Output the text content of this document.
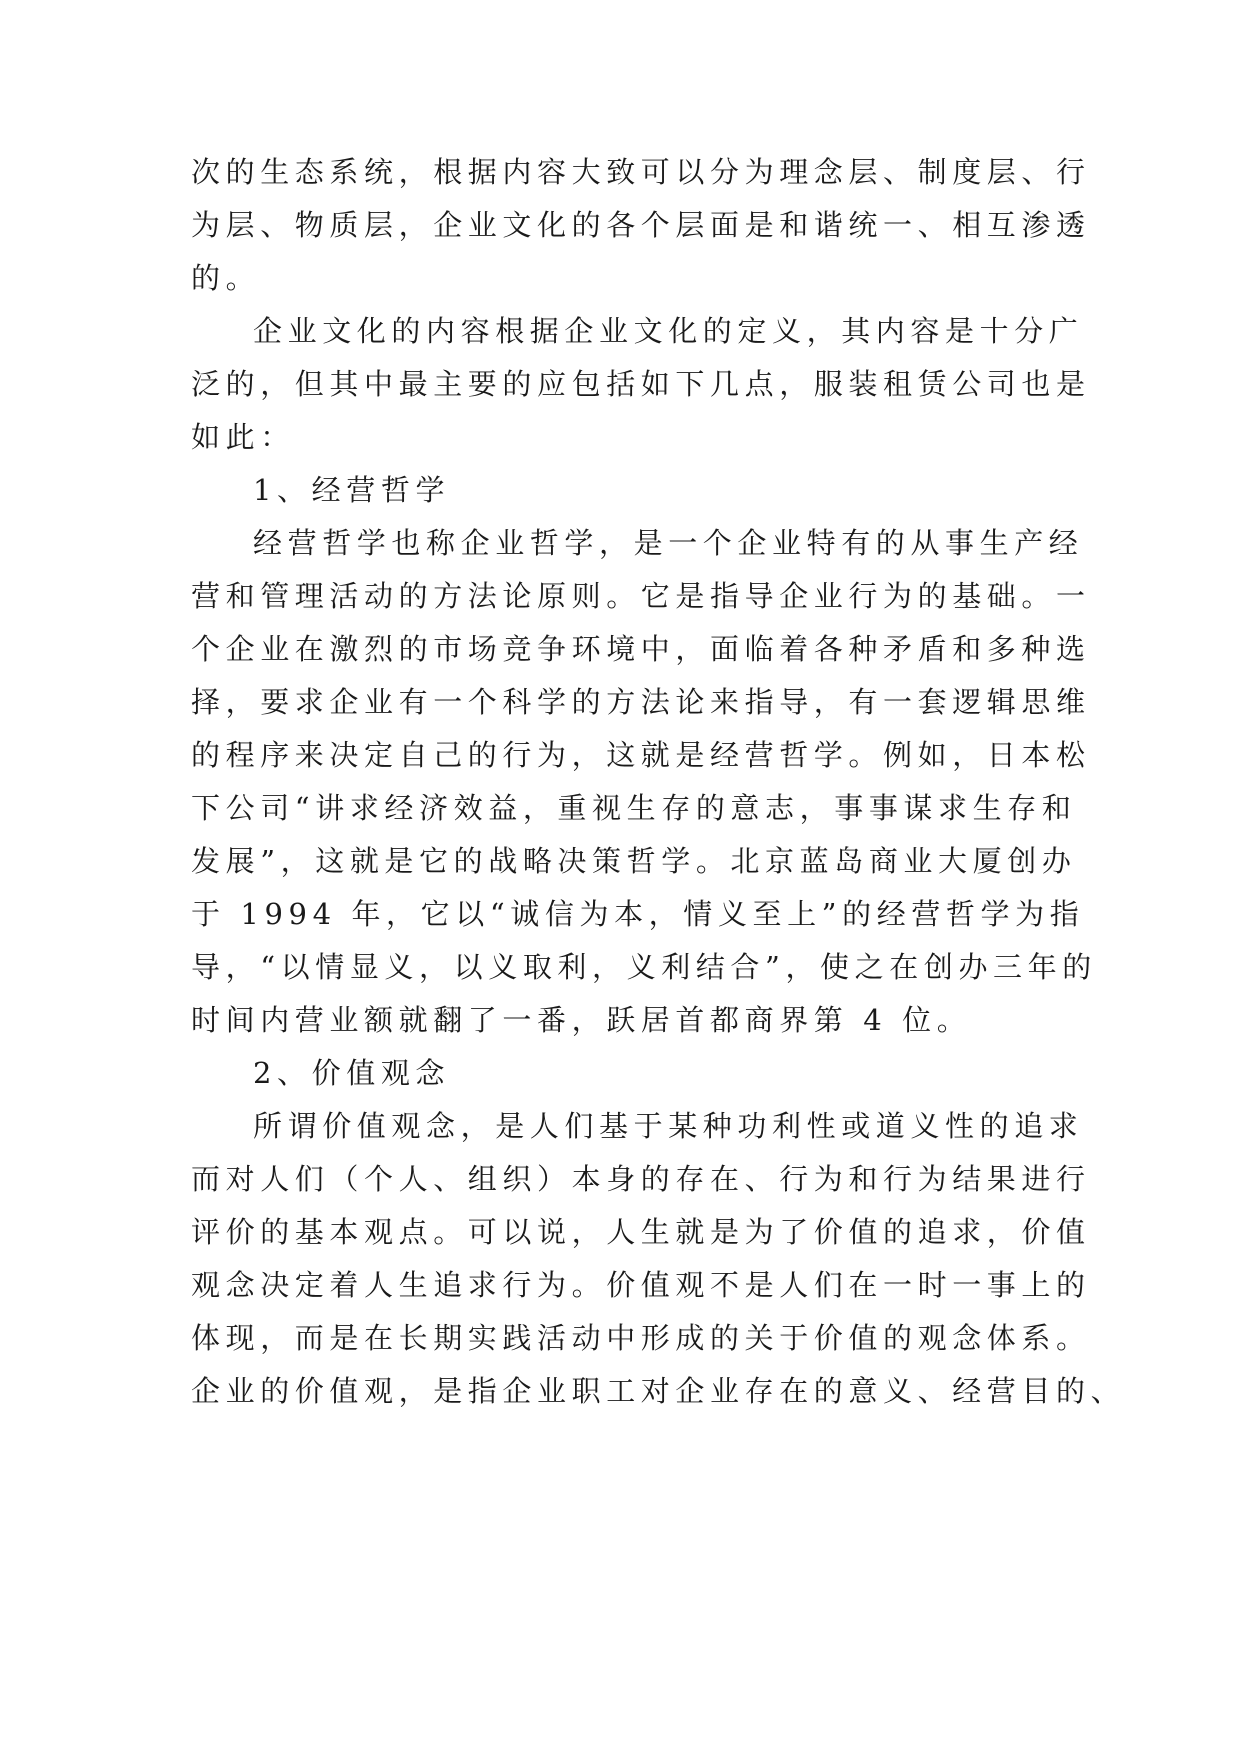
次的生态系统，根据内容大致可以分为理念层、制度层、行
为层、物质层，企业文化的各个层面是和谐统一、相互渗透
的。
企业文化的内容根据企业文化的定义，其内容是十分广
泛的，但其中最主要的应包括如下几点，服装租赁公司也是
如此：
1、经营哲学
经营哲学也称企业哲学，是一个企业特有的从事生产经
营和管理活动的方法论原则。它是指导企业行为的基础。一
个企业在激烈的市场竞争环境中，面临着各种矛盾和多种选
择，要求企业有一个科学的方法论来指导，有一套逻辑思维
的程序来决定自己的行为，这就是经营哲学。例如，日本松
下公司“讲求经济效益，重视生存的意志，事事谋求生存和
发展”，这就是它的战略决策哲学。北京蓝岛商业大厦创办
于 1994 年，它以“诚信为本，情义至上”的经营哲学为指
导，“以情显义，以义取利，义利结合”，使之在创办三年的
时间内营业额就翻了一番，跃居首都商界第 4 位。
2、价值观念
所谓价值观念，是人们基于某种功利性或道义性的追求
而对人们（个人、组织）本身的存在、行为和行为结果进行
评价的基本观点。可以说，人生就是为了价值的追求，价值
观念决定着人生追求行为。价值观不是人们在一时一事上的
体现，而是在长期实践活动中形成的关于价值的观念体系。
企业的价值观，是指企业职工对企业存在的意义、经营目的、
